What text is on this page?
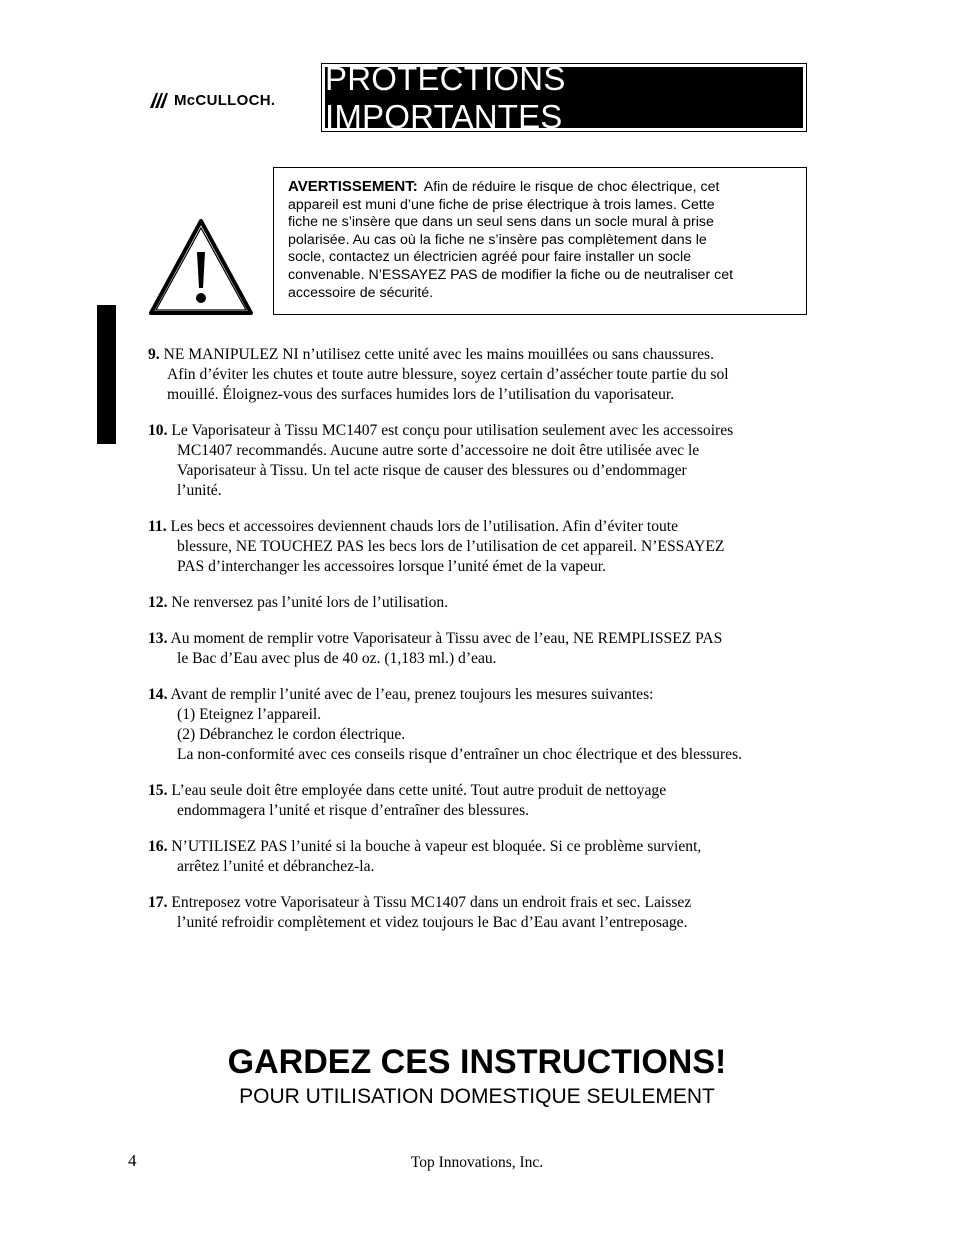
McCULLOCH.
PROTECTIONS IMPORTANTES
AVERTISSEMENT: Afin de réduire le risque de choc électrique, cet
appareil est muni d’une fiche de prise électrique à trois lames. Cette
fiche ne s’insère que dans un seul sens dans un socle mural à prise
polarisée. Au cas où la fiche ne s’insère pas complètement dans le
socle, contactez un électricien agréé pour faire installer un socle
convenable. N’ESSAYEZ PAS de modifier la fiche ou de neutraliser cet
accessoire de sécurité.

9. NE MANIPULEZ NI n’utilisez cette unité avec les mains mouillées ou sans chaussures.

Afin d’éviter les chutes et toute autre blessure, soyez certain d’assécher toute partie du sol

mouillé. Éloignez-vous des surfaces humides lors de l’utilisation du vaporisateur.

10. Le Vaporisateur à Tissu MC1407 est conçu pour utilisation seulement avec les accessoires

MC1407 recommandés. Aucune autre sorte d’accessoire ne doit être utilisée avec le

Vaporisateur à Tissu. Un tel acte risque de causer des blessures ou d’endommager

l’unité.

11. Les becs et accessoires deviennent chauds lors de l’utilisation. Afin d’éviter toute

blessure, NE TOUCHEZ PAS les becs lors de l’utilisation de cet appareil. N’ESSAYEZ

PAS d’interchanger les accessoires lorsque l’unité émet de la vapeur.

12. Ne renversez pas l’unité lors de l’utilisation.

13. Au moment de remplir votre Vaporisateur à Tissu avec de l’eau, NE REMPLISSEZ PAS

le Bac d’Eau avec plus de 40 oz. (1,183 ml.) d’eau.

14. Avant de remplir l’unité avec de l’eau, prenez toujours les mesures suivantes:

(1) Eteignez l’appareil.

(2) Débranchez le cordon électrique.

La non-conformité avec ces conseils risque d’entraîner un choc électrique et des blessures.

15. L’eau seule doit être employée dans cette unité. Tout autre produit de nettoyage

endommagera l’unité et risque d’entraîner des blessures.

16. N’UTILISEZ PAS l’unité si la bouche à vapeur est bloquée. Si ce problème survient,

arrêtez l’unité et débranchez-la.

17. Entreposez votre Vaporisateur à Tissu MC1407 dans un endroit frais et sec. Laissez

l’unité refroidir complètement et videz toujours le Bac d’Eau avant l’entreposage.

GARDEZ CES INSTRUCTIONS!
POUR UTILISATION DOMESTIQUE SEULEMENT
4	Top Innovations, Inc.
